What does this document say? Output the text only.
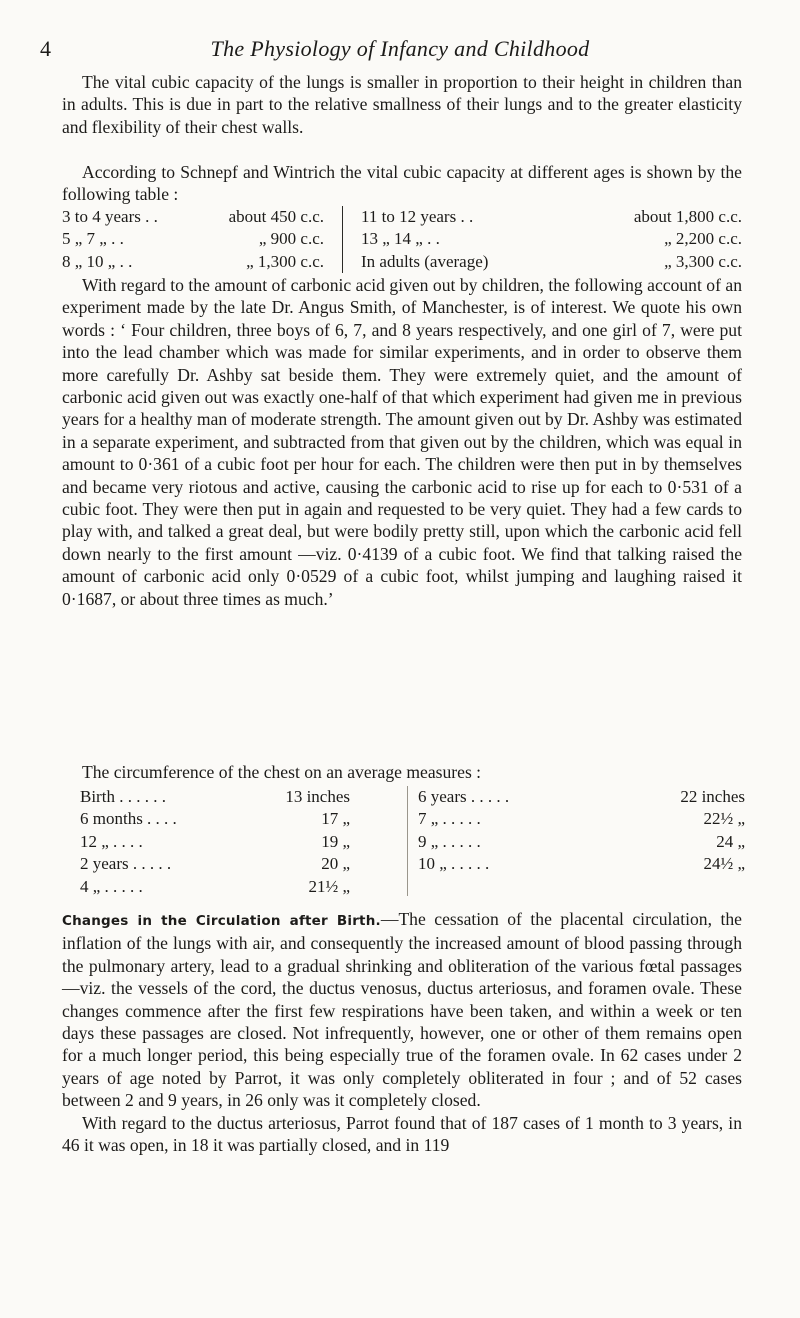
4	The Physiology of Infancy and Childhood

The vital cubic capacity of the lungs is smaller in proportion to their height in children than in adults. This is due in part to the relative smallness of their lungs and to the greater elasticity and flexibility of their chest walls.

According to Schnepf and Wintrich the vital cubic capacity at different ages is shown by the following table :

3 to 4 years . .	about 450 c.c.
5 „ 7 „ . .	„ 900 c.c.
8 „ 10 „ . .	„ 1,300 c.c.
11 to 12 years . .	about 1,800 c.c.
13 „ 14 „ . .	„ 2,200 c.c.
In adults (average)	„ 3,300 c.c.

With regard to the amount of carbonic acid given out by children, the following account of an experiment made by the late Dr. Angus Smith, of Manchester, is of interest. We quote his own words : ‘ Four children, three boys of 6, 7, and 8 years respectively, and one girl of 7, were put into the lead chamber which was made for similar experiments, and in order to observe them more carefully Dr. Ashby sat beside them. They were extremely quiet, and the amount of carbonic acid given out was exactly one-half of that which experiment had given me in previous years for a healthy man of moderate strength. The amount given out by Dr. Ashby was estimated in a separate experiment, and subtracted from that given out by the children, which was equal in amount to 0·361 of a cubic foot per hour for each. The children were then put in by themselves and became very riotous and active, causing the carbonic acid to rise up for each to 0·531 of a cubic foot. They were then put in again and requested to be very quiet. They had a few cards to play with, and talked a great deal, but were bodily pretty still, upon which the carbonic acid fell down nearly to the first amount —viz. 0·4139 of a cubic foot. We find that talking raised the amount of carbonic acid only 0·0529 of a cubic foot, whilst jumping and laughing raised it 0·1687, or about three times as much.’

The circumference of the chest on an average measures :

Birth . . . . . .	13 inches
6 months . . . .	17 „
12 „ . . . .	19 „
2 years . . . . .	20 „
4 „ . . . . .	21½ „
6 years . . . . .	22 inches
7 „ . . . . .	22½ „
9 „ . . . . .	24 „
10 „ . . . . .	24½ „

Changes in the Circulation after Birth.—The cessation of the placental circulation, the inflation of the lungs with air, and consequently the increased amount of blood passing through the pulmonary artery, lead to a gradual shrinking and obliteration of the various fœtal passages—viz. the vessels of the cord, the ductus venosus, ductus arteriosus, and foramen ovale. These changes commence after the first few respirations have been taken, and within a week or ten days these passages are closed. Not infrequently, however, one or other of them remains open for a much longer period, this being especially true of the foramen ovale. In 62 cases under 2 years of age noted by Parrot, it was only completely obliterated in four ; and of 52 cases between 2 and 9 years, in 26 only was it completely closed.

With regard to the ductus arteriosus, Parrot found that of 187 cases of 1 month to 3 years, in 46 it was open, in 18 it was partially closed, and in 119
